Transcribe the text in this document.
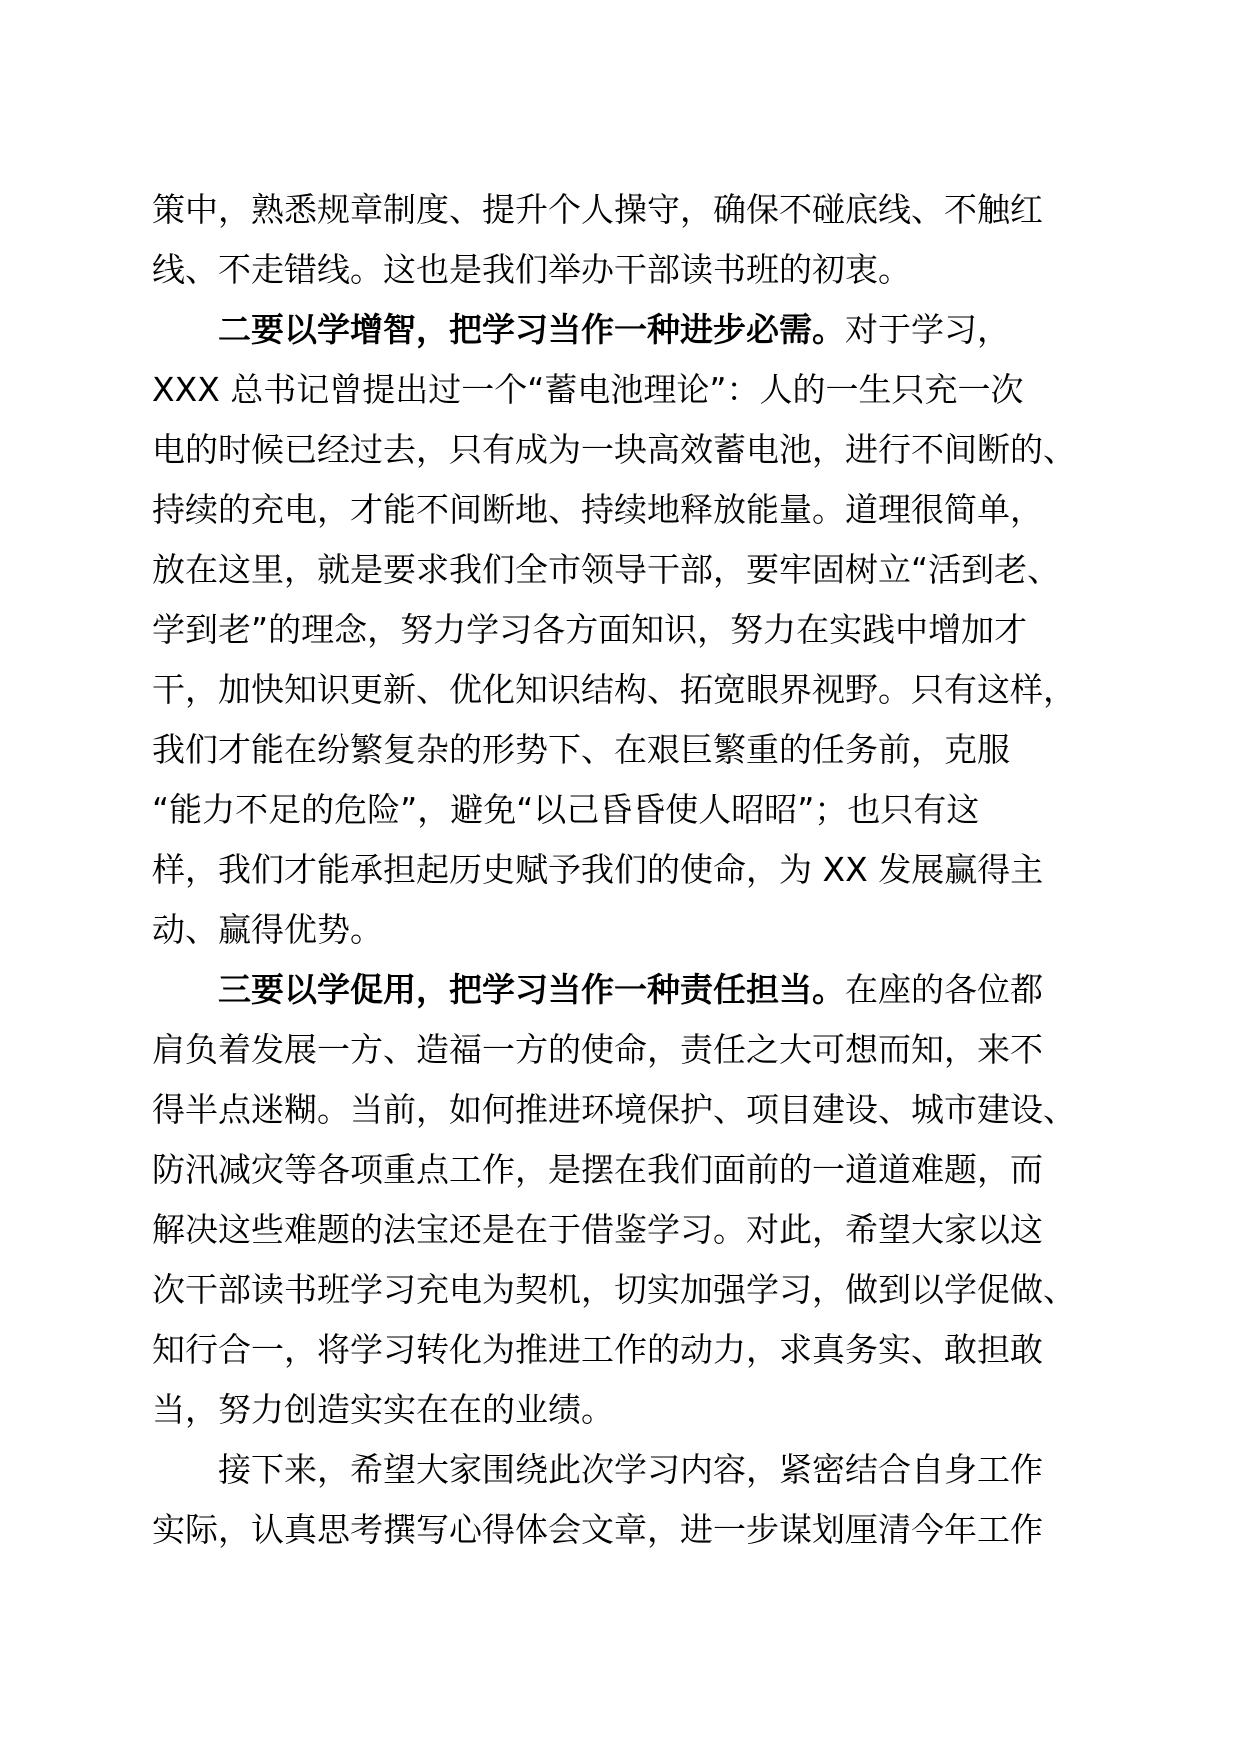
策中，熟悉规章制度、提升个人操守，确保不碰底线、不触红
线、不走错线。这也是我们举办干部读书班的初衷。
二要以学增智，把学习当作一种进步必需。对于学习，
XXX 总书记曾提出过一个“蓄电池理论”：人的一生只充一次
电的时候已经过去，只有成为一块高效蓄电池，进行不间断的、
持续的充电，才能不间断地、持续地释放能量。道理很简单，
放在这里，就是要求我们全市领导干部，要牢固树立“活到老、
学到老”的理念，努力学习各方面知识，努力在实践中增加才
干，加快知识更新、优化知识结构、拓宽眼界视野。只有这样，
我们才能在纷繁复杂的形势下、在艰巨繁重的任务前，克服
“能力不足的危险”，避免“以己昏昏使人昭昭”；也只有这
样，我们才能承担起历史赋予我们的使命，为 XX 发展赢得主
动、赢得优势。
三要以学促用，把学习当作一种责任担当。在座的各位都
肩负着发展一方、造福一方的使命，责任之大可想而知，来不
得半点迷糊。当前，如何推进环境保护、项目建设、城市建设、
防汛减灾等各项重点工作，是摆在我们面前的一道道难题，而
解决这些难题的法宝还是在于借鉴学习。对此，希望大家以这
次干部读书班学习充电为契机，切实加强学习，做到以学促做、
知行合一，将学习转化为推进工作的动力，求真务实、敢担敢
当，努力创造实实在在的业绩。
接下来，希望大家围绕此次学习内容，紧密结合自身工作
实际，认真思考撰写心得体会文章，进一步谋划厘清今年工作
